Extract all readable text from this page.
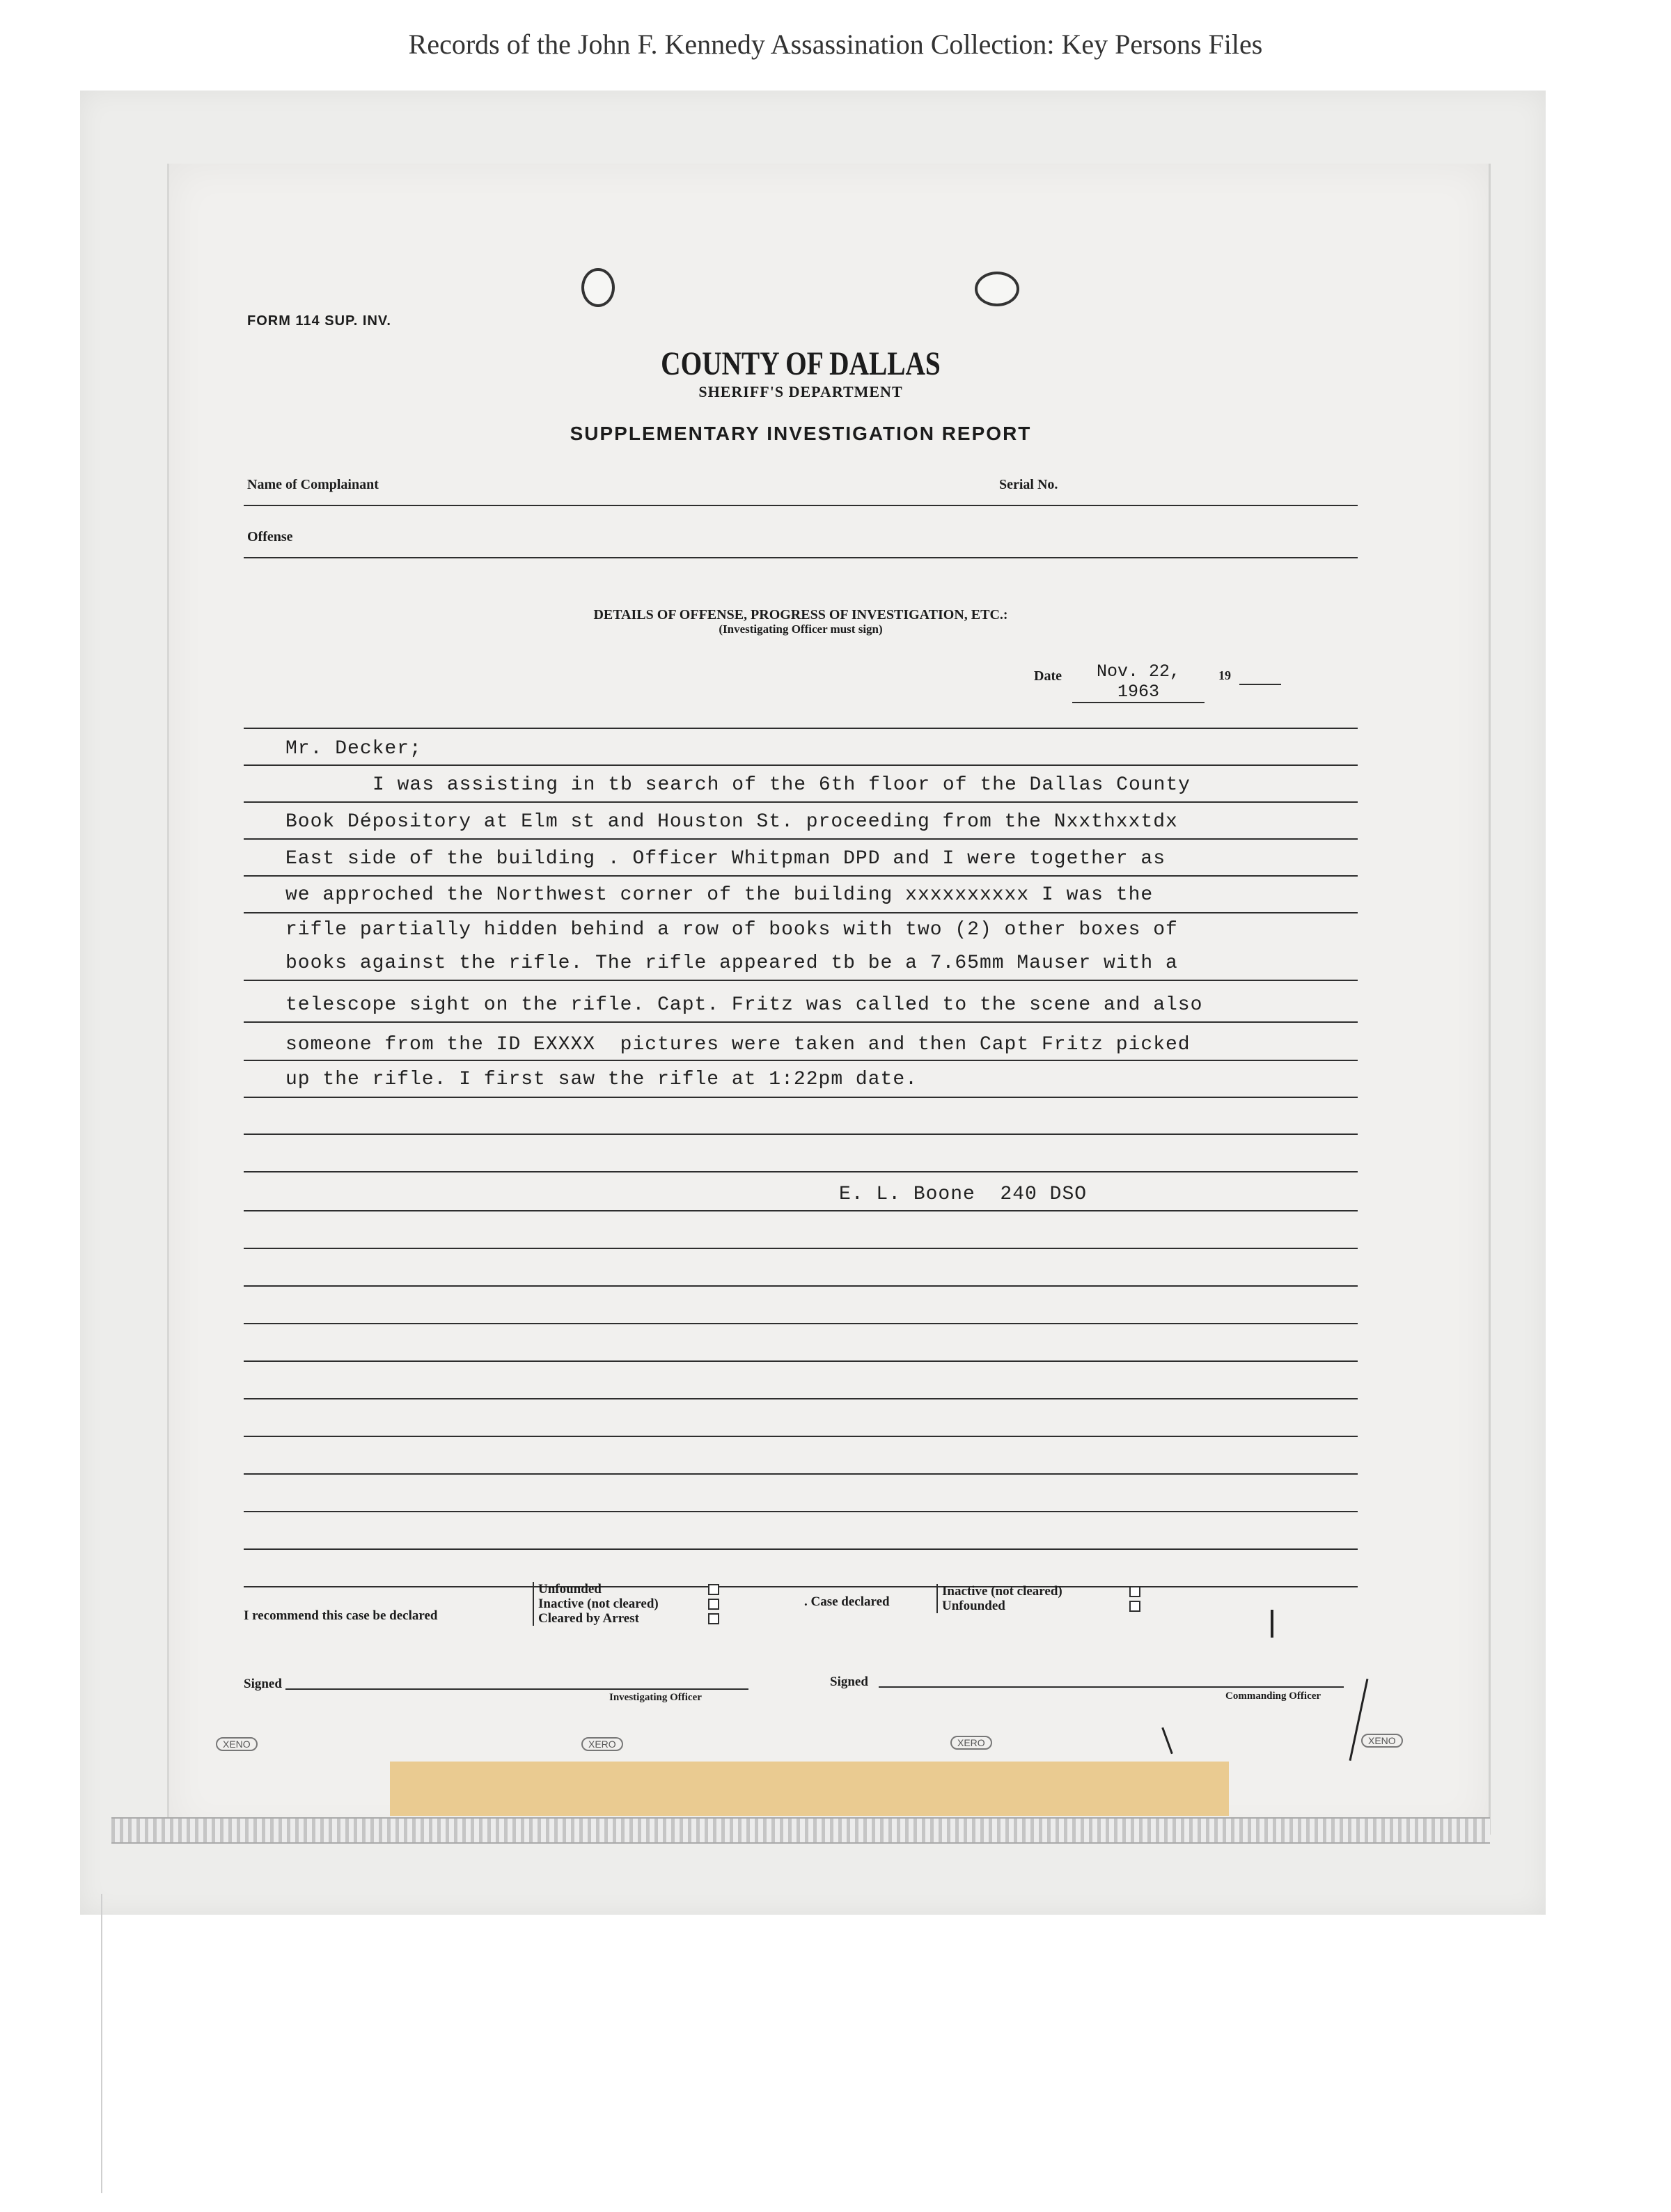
Records of the John F. Kennedy Assassination Collection: Key Persons Files
FORM 114 SUP. INV.
COUNTY OF DALLAS
SHERIFF'S DEPARTMENT
SUPPLEMENTARY INVESTIGATION REPORT
Name of Complainant	Serial No.
Offense
DETAILS OF OFFENSE, PROGRESS OF INVESTIGATION, ETC.:
(Investigating Officer must sign)
Date	Nov. 22, 1963
19
Mr. Decker;
I was assisting in tb search of the 6th floor of the Dallas County
Book Dépository at Elm st and Houston St. proceeding from the Nxxthxxtdx
East side of the building . Officer Whitpman DPD and I were together as
we approched the Northwest corner of the building xxxxxxxxxx I was the
rifle partially hidden behind a row of books with two (2) other boxes of
books against the rifle. The rifle appeared tb be a 7.65mm Mauser with a
telescope sight on the rifle. Capt. Fritz was called to the scene and also
someone from the ID EXXXX  pictures were taken and then Capt Fritz picked
up the rifle. I first saw the rifle at 1:22pm date.
E. L. Boone  240 DSO
I recommend this case be declared
Unfounded
Inactive (not cleared)
Cleared by Arrest
. Case declared
Inactive (not cleared)
Unfounded
Signed
Investigating Officer
Signed
Commanding Officer
XENO	XERO	XERO	XENO
